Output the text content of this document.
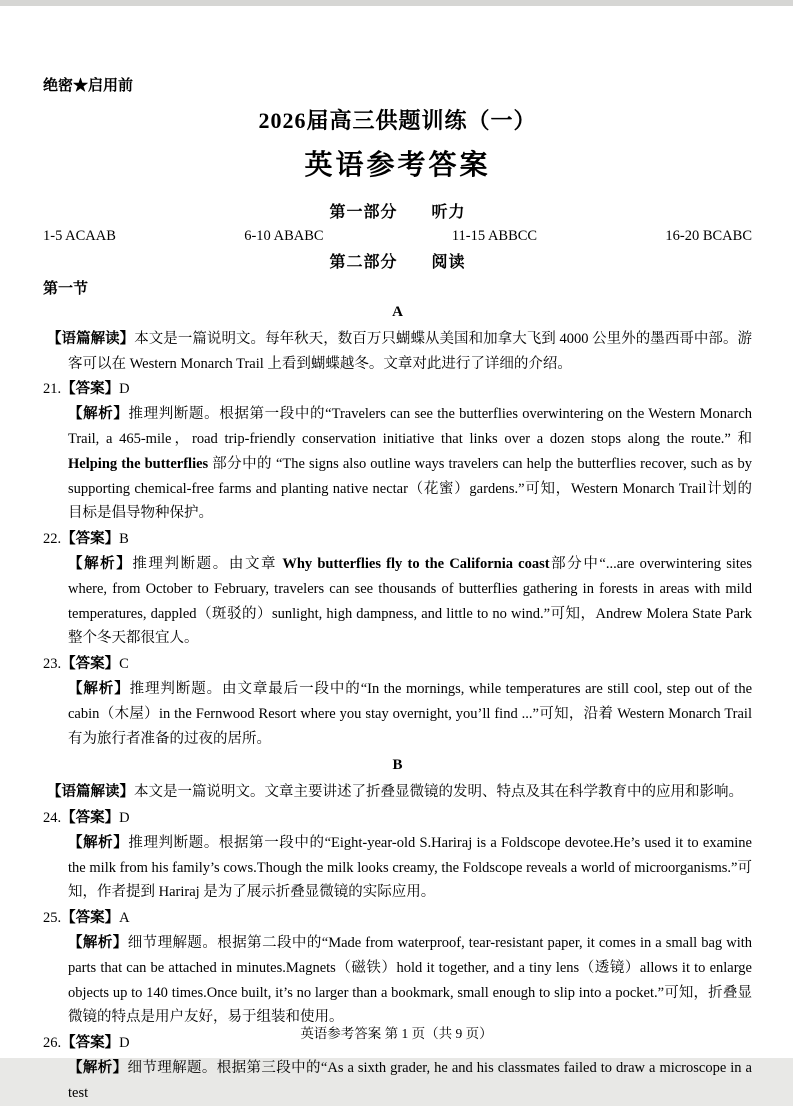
绝密★启用前
2026届高三供题训练（一）
英语参考答案
第一部分　　听力
1-5 ACAAB	6-10 ABABC	11-15 ABBCC	16-20 BCABC
第二部分　　阅读
第一节
A
【语篇解读】本文是一篇说明文。每年秋天，数百万只蝴蝶从美国和加拿大飞到 4000 公里外的墨西哥中部。游客可以在 Western Monarch Trail 上看到蝴蝶越冬。文章对此进行了详细的介绍。
21.【答案】D
【解析】推理判断题。根据第一段中的“Travelers can see the butterflies overwintering on the Western Monarch Trail, a 465-mile，road trip-friendly conservation initiative that links over a dozen stops along the route.” 和 Helping the butterflies 部分中的 “The signs also outline ways travelers can help the butterflies recover, such as by supporting chemical-free farms and planting native nectar（花蜜）gardens.”可知，Western Monarch Trail计划的目标是倡导物种保护。
22.【答案】B
【解析】推理判断题。由文章 Why butterflies fly to the California coast部分中“...are overwintering sites where, from October to February, travelers can see thousands of butterflies gathering in forests in areas with mild temperatures, dappled（斑驳的）sunlight, high dampness, and little to no wind.”可知，Andrew Molera State Park 整个冬天都很宜人。
23.【答案】C
【解析】推理判断题。由文章最后一段中的“In the mornings, while temperatures are still cool, step out of the cabin（木屋）in the Fernwood Resort where you stay overnight, you’ll find ...”可知，沿着 Western Monarch Trail有为旅行者准备的过夜的居所。
B
【语篇解读】本文是一篇说明文。文章主要讲述了折叠显微镜的发明、特点及其在科学教育中的应用和影响。
24.【答案】D
【解析】推理判断题。根据第一段中的“Eight-year-old S.Hariraj is a Foldscope devotee.He’s used it to examine the milk from his family’s cows.Though the milk looks creamy, the Foldscope reveals a world of microorganisms.”可知，作者提到 Hariraj 是为了展示折叠显微镜的实际应用。
25.【答案】A
【解析】细节理解题。根据第二段中的“Made from waterproof, tear-resistant paper, it comes in a small bag with parts that can be attached in minutes.Magnets（磁铁）hold it together, and a tiny lens（透镜）allows it to enlarge objects up to 140 times.Once built, it’s no larger than a bookmark, small enough to slip into a pocket.”可知，折叠显微镜的特点是用户友好，易于组装和使用。
26.【答案】D
【解析】细节理解题。根据第三段中的“As a sixth grader, he and his classmates failed to draw a microscope in a test
英语参考答案 第 1 页（共 9 页）
